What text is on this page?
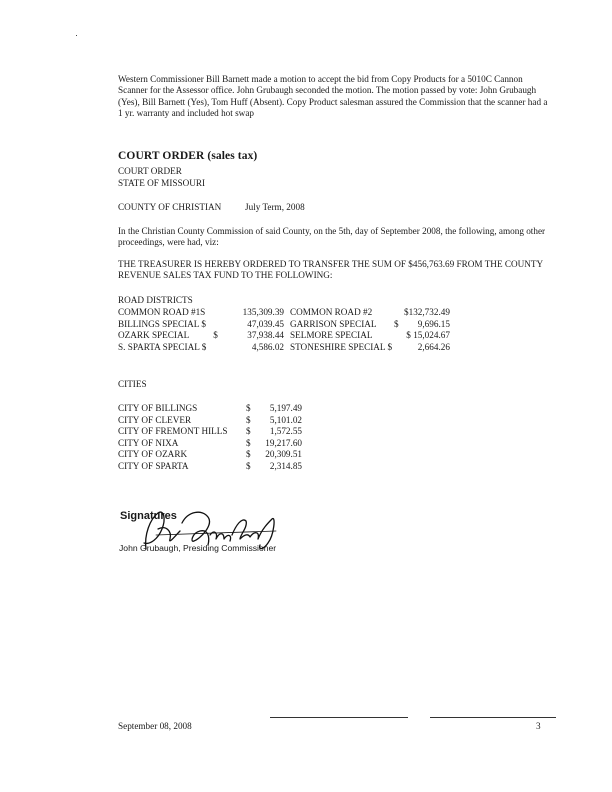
Western Commissioner Bill Barnett made a motion to accept the bid from Copy Products for a 5010C Cannon Scanner for the Assessor office. John Grubaugh seconded the motion. The motion passed by vote: John Grubaugh (Yes), Bill Barnett (Yes), Tom Huff (Absent). Copy Product salesman assured the Commission that the scanner had a 1 yr. warranty and included hot swap
COURT ORDER (sales tax)
COURT ORDER
STATE OF MISSOURI
COUNTY OF CHRISTIAN	July Term, 2008
In the Christian County Commission of said County, on the 5th, day of September 2008, the following, among other proceedings, were had, viz:
THE TREASURER IS HEREBY ORDERED TO TRANSFER THE SUM OF $456,763.69 FROM THE COUNTY REVENUE SALES TAX FUND TO THE FOLLOWING:
ROAD DISTRICTS
COMMON ROAD #1S		135,309.39	COMMON ROAD #2		$132,732.49
BILLINGS SPECIAL $		47,039.45	GARRISON SPECIAL	$	9,696.15
OZARK SPECIAL $		37,938.44	SELMORE SPECIAL		$ 15,024.67
S. SPARTA SPECIAL $		4,586.02	STONESHIRE SPECIAL $		2,664.26
CITIES
CITY OF BILLINGS	$	5,197.49
CITY OF CLEVER	$	5,101.02
CITY OF FREMONT HILLS	$	1,572.55
CITY OF NIXA	$	19,217.60
CITY OF OZARK	$	20,309.51
CITY OF SPARTA	$	2,314.85
Signatures
John Grubaugh, Presiding Commissioner
September 08, 2008	3
